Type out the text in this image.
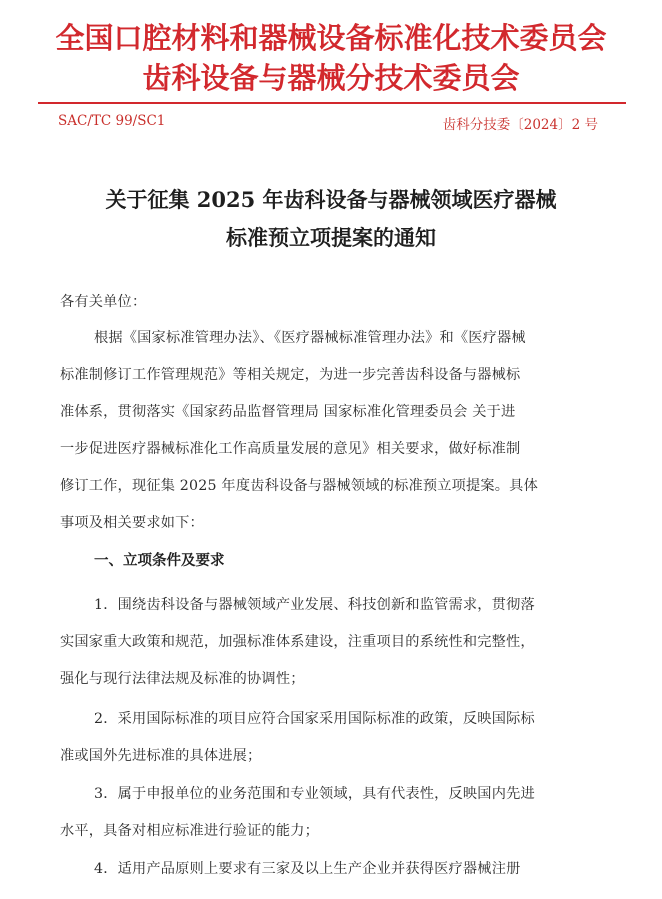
全国口腔材料和器械设备标准化技术委员会
齿科设备与器械分技术委员会
SAC/TC 99/SC1	齿科分技委〔2024〕2 号
关于征集 2025 年齿科设备与器械领域医疗器械
标准预立项提案的通知
各有关单位：
根据《国家标准管理办法》、《医疗器械标准管理办法》和《医疗器械
标准制修订工作管理规范》等相关规定，为进一步完善齿科设备与器械标
准体系，贯彻落实《国家药品监督管理局 国家标准化管理委员会 关于进
一步促进医疗器械标准化工作高质量发展的意见》相关要求，做好标准制
修订工作，现征集 2025 年度齿科设备与器械领域的标准预立项提案。具体
事项及相关要求如下：
一、立项条件及要求
1．围绕齿科设备与器械领域产业发展、科技创新和监管需求，贯彻落
实国家重大政策和规范，加强标准体系建设，注重项目的系统性和完整性，
强化与现行法律法规及标准的协调性；
2．采用国际标准的项目应符合国家采用国际标准的政策，反映国际标
准或国外先进标准的具体进展；
3．属于申报单位的业务范围和专业领域，具有代表性，反映国内先进
水平，具备对相应标准进行验证的能力；
4．适用产品原则上要求有三家及以上生产企业并获得医疗器械注册
